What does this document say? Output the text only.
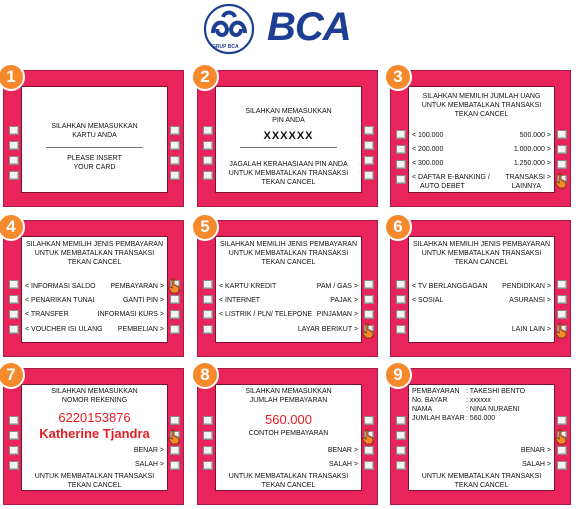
GRUP BCA BCA
1
SILAHKAN MEMASUKKAN
KARTU ANDA
PLEASE INSERT
YOUR CARD
2
SILAHKAN MEMASUKKAN
PIN ANDA
XXXXXX
JAGALAH KERAHASIAAN PIN ANDA
UNTUK MEMBATALKAN TRANSAKSI
TEKAN CANCEL
3
SILAHKAN MEMILIH JUMLAH UANG
UNTUK MEMBATALKAN TRANSAKSI
TEKAN CANCEL
< 100.000
< 200.000
< 300.000
< DAFTAR E-BANKING /
AUTO DEBET
500.000 >
1.000.000 >
1.250.000 >
TRANSAKSI >
LAINNYA
4
SILAHKAN MEMILIH JENIS PEMBAYARAN
UNTUK MEMBATALKAN TRANSAKSI
TEKAN CANCEL
< INFORMASI SALDO
< PENARIKAN TUNAI
< TRANSFER
< VOUCHER ISI ULANG
PEMBAYARAN >
GANTI PIN >
INFORMASI KURS >
PEMBELIAN >
5
SILAHKAN MEMILIH JENIS PEMBAYARAN
UNTUK MEMBATALKAN TRANSAKSI
TEKAN CANCEL
< KARTU KREDIT
< INTERNET
< LISTRIK / PLN/ TELEPONE
PAM / GAS >
PAJAK >
PINJAMAN >
LAYAR BERIKUT >
6
SILAHKAN MEMILIH JENIS PEMBAYARAN
UNTUK MEMBATALKAN TRANSAKSI
TEKAN CANCEL
< TV BERLANGGAGAN
< SOSIAL
PENDIDIKAN >
ASURANSI >
LAIN LAIN >
7
SILAHKAN MEMASUKKAN
NOMOR REKENING
6220153876
Katherine Tjandra
BENAR >
SALAH >
UNTUK MEMBATALKAN TRANSAKSI
TEKAN CANCEL
8
SILAHKAN MEMASUKKAN
JUMLAH PEMBAYARAN
560.000
CONTOH PEMBAYARAN
BENAR >
SALAH >
UNTUK MEMBATALKAN TRANSAKSI
TEKAN CANCEL
9
PEMBAYARAN
No. BAYAR
NAMA
JUMLAH BAYAR
: TAKESHI BENTO
: xxxxxx
: NINA NURAENI
: 560.000
BENAR >
SALAH >
UNTUK MEMBATALKAN TRANSAKSI
TEKAN CANCEL
